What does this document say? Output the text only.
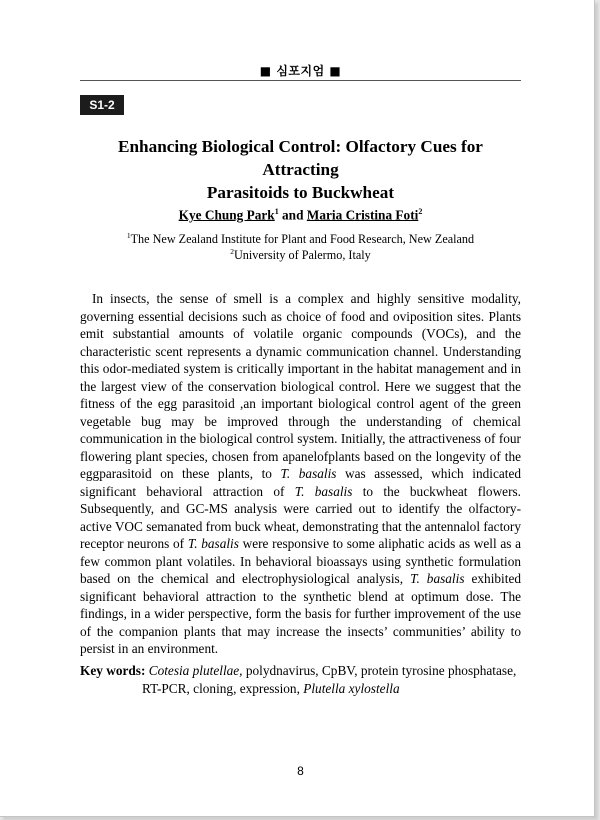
■ 심포지엄 ■
S1-2
Enhancing Biological Control: Olfactory Cues for Attracting
Parasitoids to Buckwheat
Kye Chung Park$^1$ and Maria Cristina Foti$^2$
$^1$The New Zealand Institute for Plant and Food Research, New Zealand
$^2$University of Palermo, Italy

In insects, the sense of smell is a complex and highly sensitive modality, governing essential decisions such as choice of food and oviposition sites. Plants emit substantial amounts of volatile organic compounds (VOCs), and the characteristic scent represents a dynamic communication channel. Understanding this odor-mediated system is critically important in the habitat management and in the largest view of the conservation biological control. Here we suggest that the fitness of the egg parasitoid ,an important biological control agent of the green vegetable bug may be improved through the understanding of chemical communication in the biological control system. Initially, the attractiveness of four flowering plant species, chosen from apanelofplants based on the longevity of the eggparasitoid on these plants, to T. basalis was assessed, which indicated significant behavioral attraction of T. basalis to the buckwheat flowers. Subsequently, and GC-MS analysis were carried out to identify the olfactory-active VOC semanated from buck wheat, demonstrating that the antennalol factory receptor neurons of T. basalis were responsive to some aliphatic acids as well as a few common plant volatiles. In behavioral bioassays using synthetic formulation based on the chemical and electrophysiological analysis, T. basalis exhibited significant behavioral attraction to the synthetic blend at optimum dose. The findings, in a wider perspective, form the basis for further improvement of the use of the companion plants that may increase the insects’ communities’ ability to persist in an environment.

Key words: Cotesia plutellae, polydnavirus, CpBV, protein tyrosine phosphatase,
RT-PCR, cloning, expression, Plutella xylostella
8
